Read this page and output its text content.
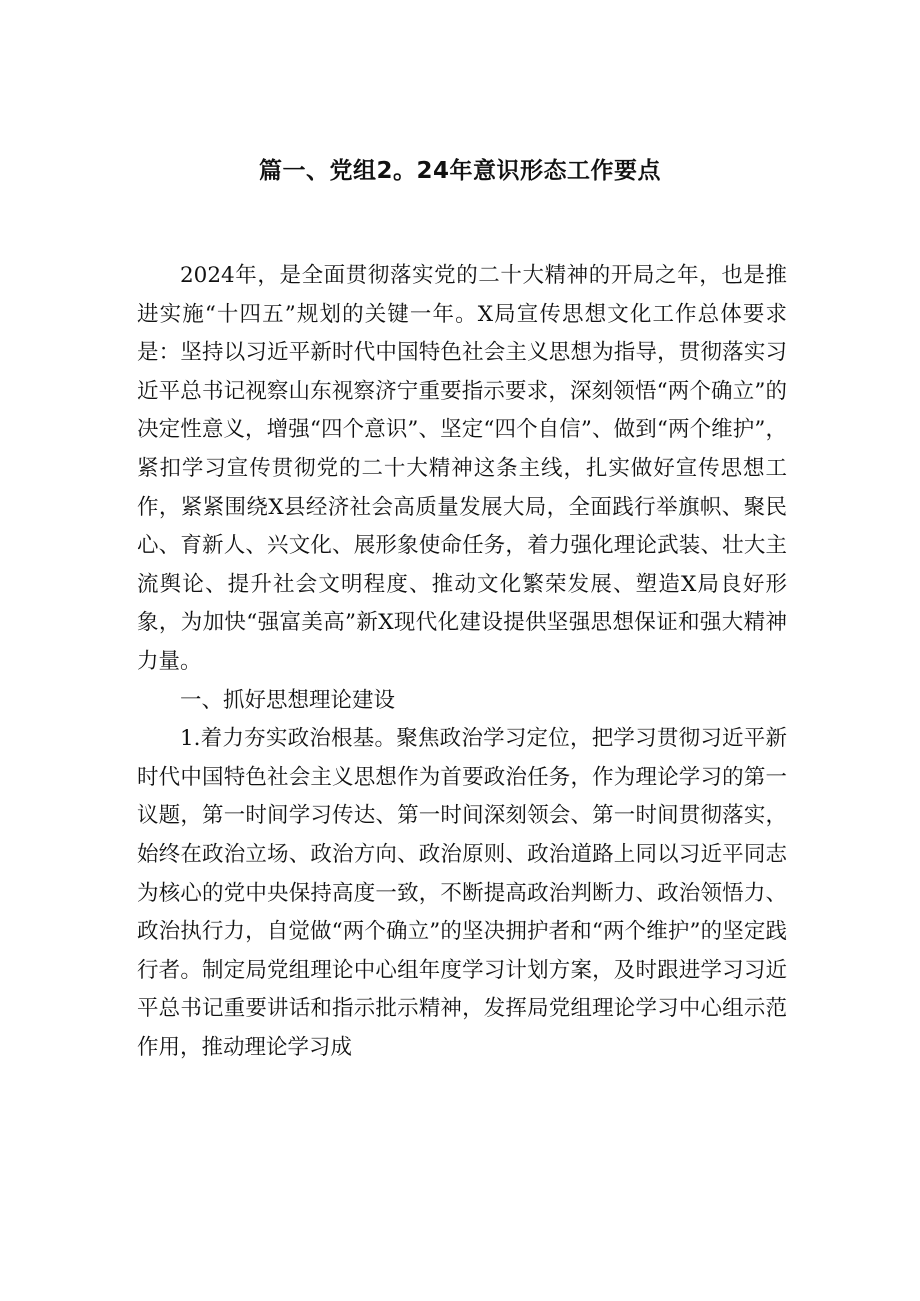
篇一、党组2。24年意识形态工作要点

2024年，是全面贯彻落实党的二十大精神的开局之年，也是推进实施“十四五”规划的关键一年。X局宣传思想文化工作总体要求是：坚持以习近平新时代中国特色社会主义思想为指导，贯彻落实习近平总书记视察山东视察济宁重要指示要求，深刻领悟“两个确立”的决定性意义，增强“四个意识”、坚定“四个自信”、做到“两个维护”，紧扣学习宣传贯彻党的二十大精神这条主线，扎实做好宣传思想工作，紧紧围绕X县经济社会高质量发展大局，全面践行举旗帜、聚民心、育新人、兴文化、展形象使命任务，着力强化理论武装、壮大主流舆论、提升社会文明程度、推动文化繁荣发展、塑造X局良好形象，为加快“强富美高”新X现代化建设提供坚强思想保证和强大精神力量。

一、抓好思想理论建设

1.着力夯实政治根基。聚焦政治学习定位，把学习贯彻习近平新时代中国特色社会主义思想作为首要政治任务，作为理论学习的第一议题，第一时间学习传达、第一时间深刻领会、第一时间贯彻落实，始终在政治立场、政治方向、政治原则、政治道路上同以习近平同志为核心的党中央保持高度一致，不断提高政治判断力、政治领悟力、政治执行力，自觉做“两个确立”的坚决拥护者和“两个维护”的坚定践行者。制定局党组理论中心组年度学习计划方案，及时跟进学习习近平总书记重要讲话和指示批示精神，发挥局党组理论学习中心组示范作用，推动理论学习成
